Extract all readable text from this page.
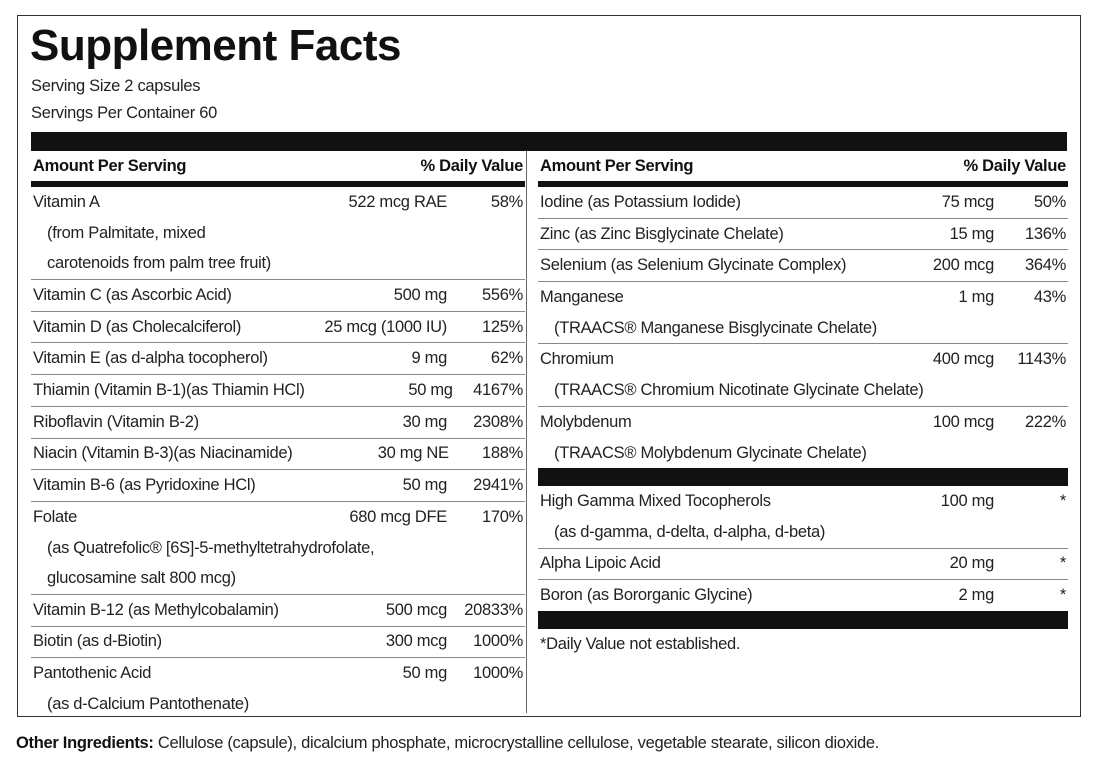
Supplement Facts
Serving Size 2 capsules
Servings Per Container 60
Amount Per Serving	% Daily Value
Vitamin A	522 mcg RAE	58%
(from Palmitate, mixed
carotenoids from palm tree fruit)
Vitamin C (as Ascorbic Acid)	500 mg	556%
Vitamin D (as Cholecalciferol)	25 mcg (1000 IU)	125%
Vitamin E (as d-alpha tocopherol)	9 mg	62%
Thiamin (Vitamin B-1)(as Thiamin HCl)	50 mg	4167%
Riboflavin (Vitamin B-2)	30 mg	2308%
Niacin (Vitamin B-3)(as Niacinamide)	30 mg NE	188%
Vitamin B-6 (as Pyridoxine HCl)	50 mg	2941%
Folate	680 mcg DFE	170%
(as Quatrefolic® [6S]-5-methyltetrahydrofolate,
glucosamine salt 800 mcg)
Vitamin B-12 (as Methylcobalamin)	500 mcg	20833%
Biotin (as d-Biotin)	300 mcg	1000%
Pantothenic Acid	50 mg	1000%
(as d-Calcium Pantothenate)
Amount Per Serving	% Daily Value
Iodine (as Potassium Iodide)	75 mcg	50%
Zinc (as Zinc Bisglycinate Chelate)	15 mg	136%
Selenium (as Selenium Glycinate Complex)	200 mcg	364%
Manganese	1 mg	43%
(TRAACS® Manganese Bisglycinate Chelate)
Chromium	400 mcg	1143%
(TRAACS® Chromium Nicotinate Glycinate Chelate)
Molybdenum	100 mcg	222%
(TRAACS® Molybdenum Glycinate Chelate)
High Gamma Mixed Tocopherols	100 mg	*
(as d-gamma, d-delta, d-alpha, d-beta)
Alpha Lipoic Acid	20 mg	*
Boron (as Bororganic Glycine)	2 mg	*
*Daily Value not established.
Other Ingredients: Cellulose (capsule), dicalcium phosphate, microcrystalline cellulose, vegetable stearate, silicon dioxide.
